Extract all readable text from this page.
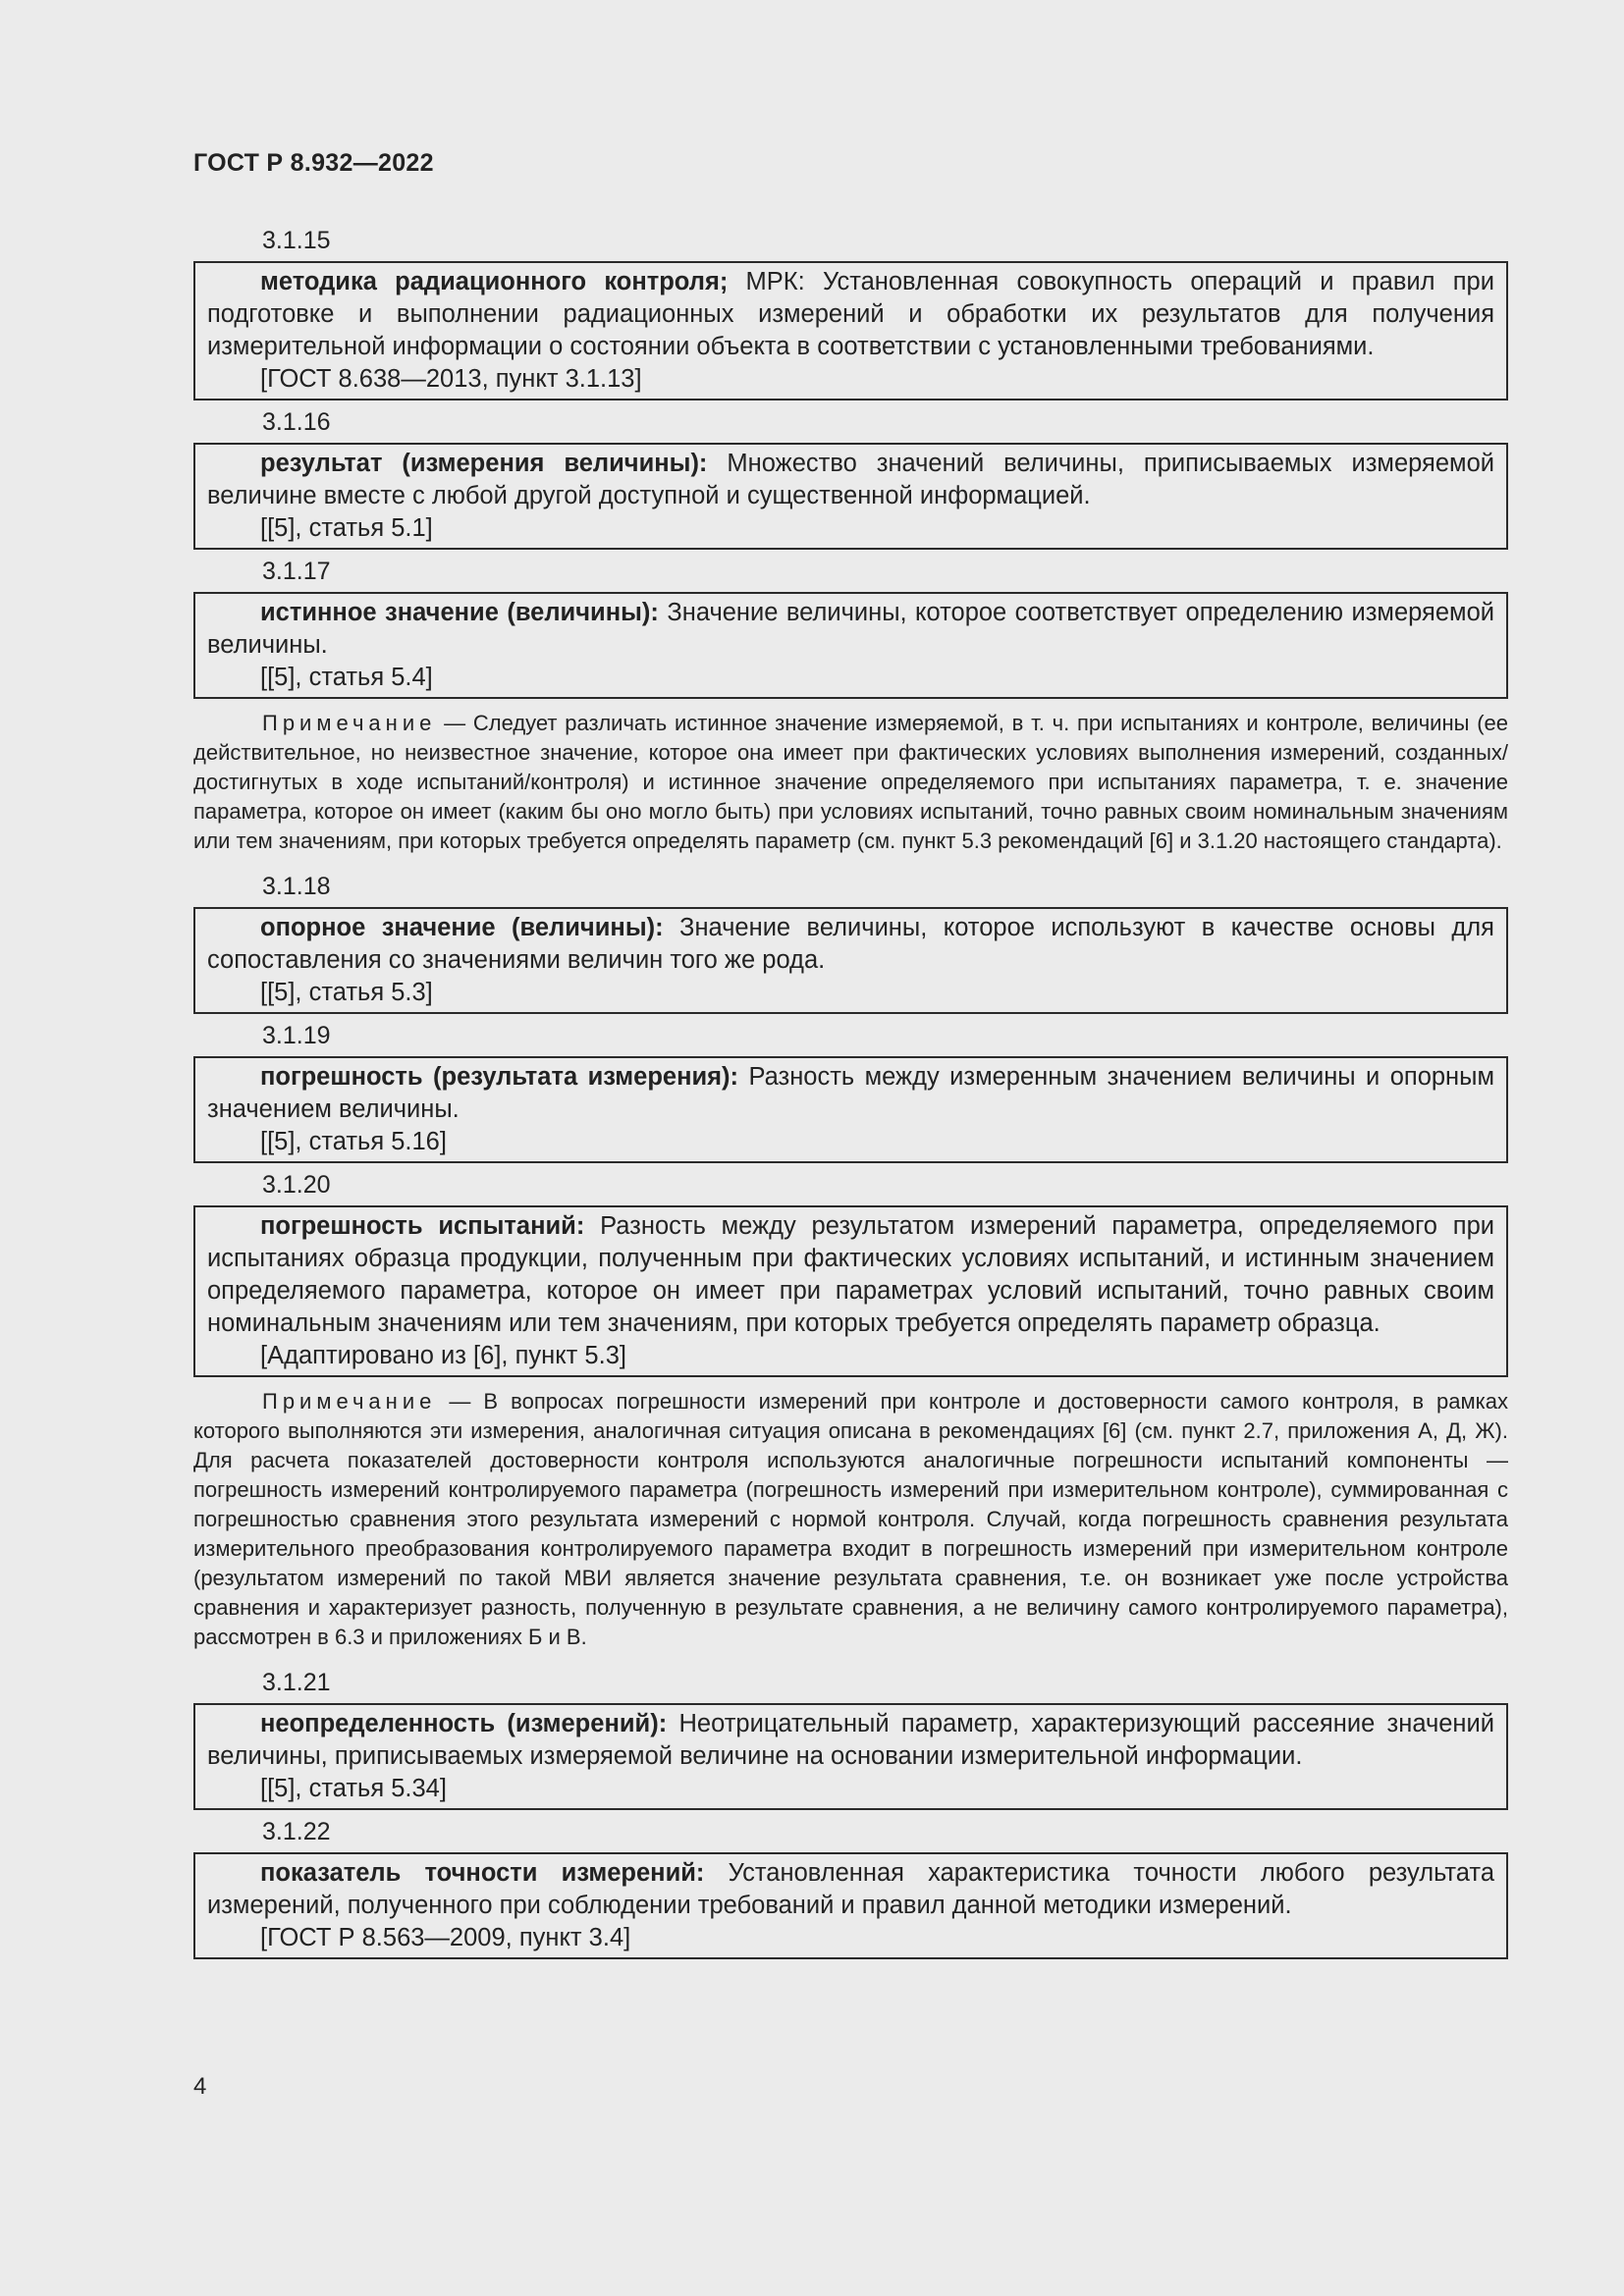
ГОСТ Р 8.932—2022
3.1.15

методика радиационного контроля; МРК: Установленная совокупность операций и правил при подготовке и выполнении радиационных измерений и обработки их результатов для получения измерительной информации о состоянии объекта в соответствии с установленными требованиями.

[ГОСТ 8.638—2013, пункт 3.1.13]
3.1.16

результат (измерения величины): Множество значений величины, приписываемых измеряемой величине вместе с любой другой доступной и существенной информацией.

[[5], статья 5.1]
3.1.17

истинное значение (величины): Значение величины, которое соответствует определению измеряемой величины.

[[5], статья 5.4]
Примечание — Следует различать истинное значение измеряемой, в т. ч. при испытаниях и контроле, величины (ее действительное, но неизвестное значение, которое она имеет при фактических условиях выполнения измерений, созданных/достигнутых в ходе испытаний/контроля) и истинное значение определяемого при испытаниях параметра, т. е. значение параметра, которое он имеет (каким бы оно могло быть) при условиях испытаний, точно равных своим номинальным значениям или тем значениям, при которых требуется определять параметр (см. пункт 5.3 рекомендаций [6] и 3.1.20 настоящего стандарта).
3.1.18

опорное значение (величины): Значение величины, которое используют в качестве основы для сопоставления со значениями величин того же рода.

[[5], статья 5.3]
3.1.19

погрешность (результата измерения): Разность между измеренным значением величины и опорным значением величины.

[[5], статья 5.16]
3.1.20

погрешность испытаний: Разность между результатом измерений параметра, определяемого при испытаниях образца продукции, полученным при фактических условиях испытаний, и истинным значением определяемого параметра, которое он имеет при параметрах условий испытаний, точно равных своим номинальным значениям или тем значениям, при которых требуется определять параметр образца.

[Адаптировано из [6], пункт 5.3]
Примечание — В вопросах погрешности измерений при контроле и достоверности самого контроля, в рамках которого выполняются эти измерения, аналогичная ситуация описана в рекомендациях [6] (см. пункт 2.7, приложения А, Д, Ж). Для расчета показателей достоверности контроля используются аналогичные погрешности испытаний компоненты — погрешность измерений контролируемого параметра (погрешность измерений при измерительном контроле), суммированная с погрешностью сравнения этого результата измерений с нормой контроля. Случай, когда погрешность сравнения результата измерительного преобразования контролируемого параметра входит в погрешность измерений при измерительном контроле (результатом измерений по такой МВИ является значение результата сравнения, т.е. он возникает уже после устройства сравнения и характеризует разность, полученную в результате сравнения, а не величину самого контролируемого параметра), рассмотрен в 6.3 и приложениях Б и В.
3.1.21

неопределенность (измерений): Неотрицательный параметр, характеризующий рассеяние значений величины, приписываемых измеряемой величине на основании измерительной информации.

[[5], статья 5.34]
3.1.22

показатель точности измерений: Установленная характеристика точности любого результата измерений, полученного при соблюдении требований и правил данной методики измерений.

[ГОСТ Р 8.563—2009, пункт 3.4]
4
